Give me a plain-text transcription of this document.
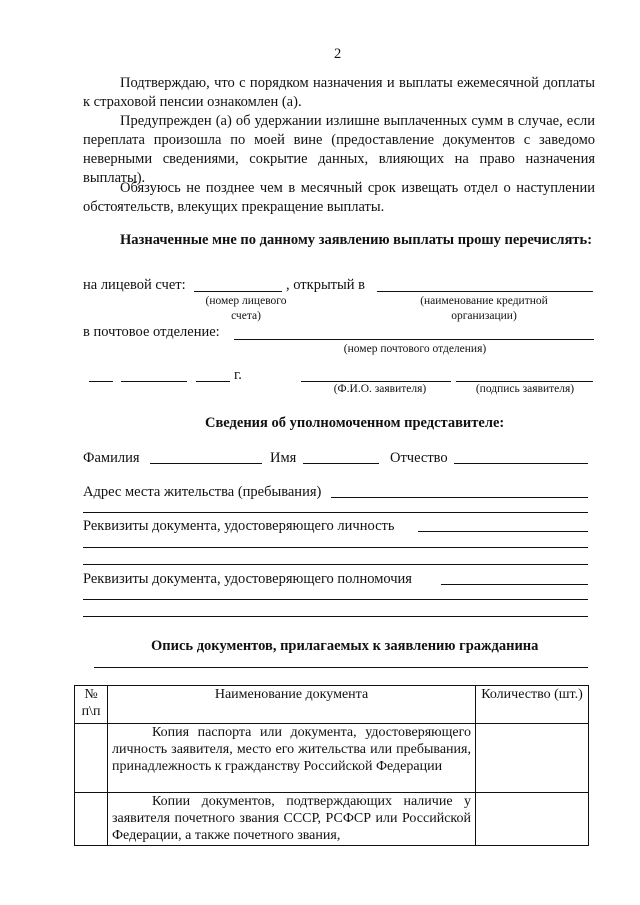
2
Подтверждаю, что с порядком назначения и выплаты ежемесячной доплаты к страховой пенсии ознакомлен (а).
Предупрежден (а) об удержании излишне выплаченных сумм в случае, если переплата произошла по моей вине (предоставление документов с заведомо неверными сведениями, сокрытие данных, влияющих на право назначения выплаты).
Обязуюсь не позднее чем в месячный срок извещать отдел о наступлении обстоятельств, влекущих прекращение выплаты.
Назначенные мне по данному заявлению выплаты прошу перечислять:
на лицевой счет:	, открытый в
(номер лицевого счета)
(наименование кредитной организации)
в почтовое отделение:
(номер почтового отделения)
г.
(Ф.И.О. заявителя)	(подпись заявителя)
Сведения об уполномоченном представителе:
Фамилия	Имя	Отчество
Адрес места жительства (пребывания)
Реквизиты документа, удостоверяющего личность
Реквизиты документа, удостоверяющего полномочия
Опись документов, прилагаемых к заявлению гражданина
№ п\п	Наименование документа	Количество (шт.)
	Копия паспорта или документа, удостоверяющего личность заявителя, место его жительства или пребывания, принадлежность к гражданству Российской Федерации	
	Копии документов, подтверждающих наличие у заявителя почетного звания СССР, РСФСР или Российской Федерации, а также почетного звания,	
